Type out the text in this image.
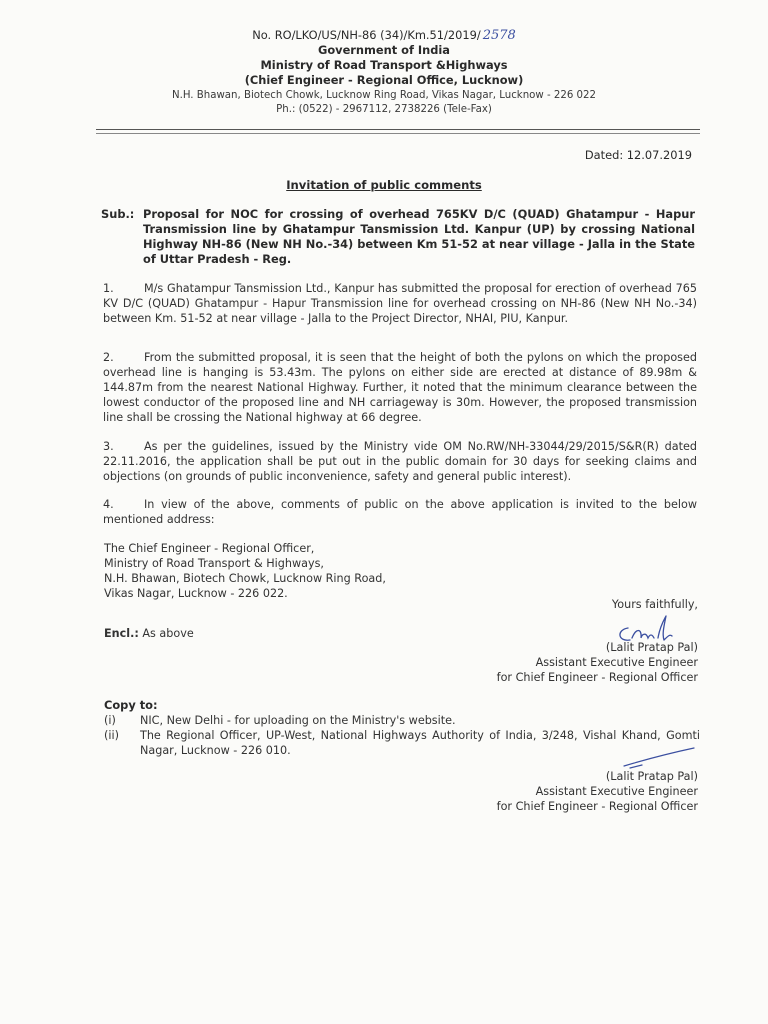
No. RO/LKO/US/NH-86 (34)/Km.51/2019/ 2578
Government of India
Ministry of Road Transport &Highways
(Chief Engineer - Regional Office, Lucknow)
N.H. Bhawan, Biotech Chowk, Lucknow Ring Road, Vikas Nagar, Lucknow - 226 022
Ph.: (0522) - 2967112, 2738226 (Tele-Fax)
Dated: 12.07.2019
Invitation of public comments
Sub.: Proposal for NOC for crossing of overhead 765KV D/C (QUAD) Ghatampur - Hapur Transmission line by Ghatampur Tansmission Ltd. Kanpur (UP) by crossing National Highway NH-86 (New NH No.-34) between Km 51-52 at near village - Jalla in the State of Uttar Pradesh - Reg.
1.	M/s Ghatampur Tansmission Ltd., Kanpur has submitted the proposal for erection of overhead 765 KV D/C (QUAD) Ghatampur - Hapur Transmission line for overhead crossing on NH-86 (New NH No.-34) between Km. 51-52 at near village - Jalla to the Project Director, NHAI, PIU, Kanpur.
2.	From the submitted proposal, it is seen that the height of both the pylons on which the proposed overhead line is hanging is 53.43m. The pylons on either side are erected at distance of 89.98m & 144.87m from the nearest National Highway. Further, it noted that the minimum clearance between the lowest conductor of the proposed line and NH carriageway is 30m. However, the proposed transmission line shall be crossing the National highway at 66 degree.
3.	As per the guidelines, issued by the Ministry vide OM No.RW/NH-33044/29/2015/S&R(R) dated 22.11.2016, the application shall be put out in the public domain for 30 days for seeking claims and objections (on grounds of public inconvenience, safety and general public interest).
4.	In view of the above, comments of public on the above application is invited to the below mentioned address:
The Chief Engineer - Regional Officer,
Ministry of Road Transport & Highways,
N.H. Bhawan, Biotech Chowk, Lucknow Ring Road,
Vikas Nagar, Lucknow - 226 022.
Yours faithfully,
Encl.: As above
(Lalit Pratap Pal)
Assistant Executive Engineer
for Chief Engineer - Regional Officer
Copy to:
(i) NIC, New Delhi - for uploading on the Ministry's website.
(ii) The Regional Officer, UP-West, National Highways Authority of India, 3/248, Vishal Khand, Gomti Nagar, Lucknow - 226 010.
(Lalit Pratap Pal)
Assistant Executive Engineer
for Chief Engineer - Regional Officer
